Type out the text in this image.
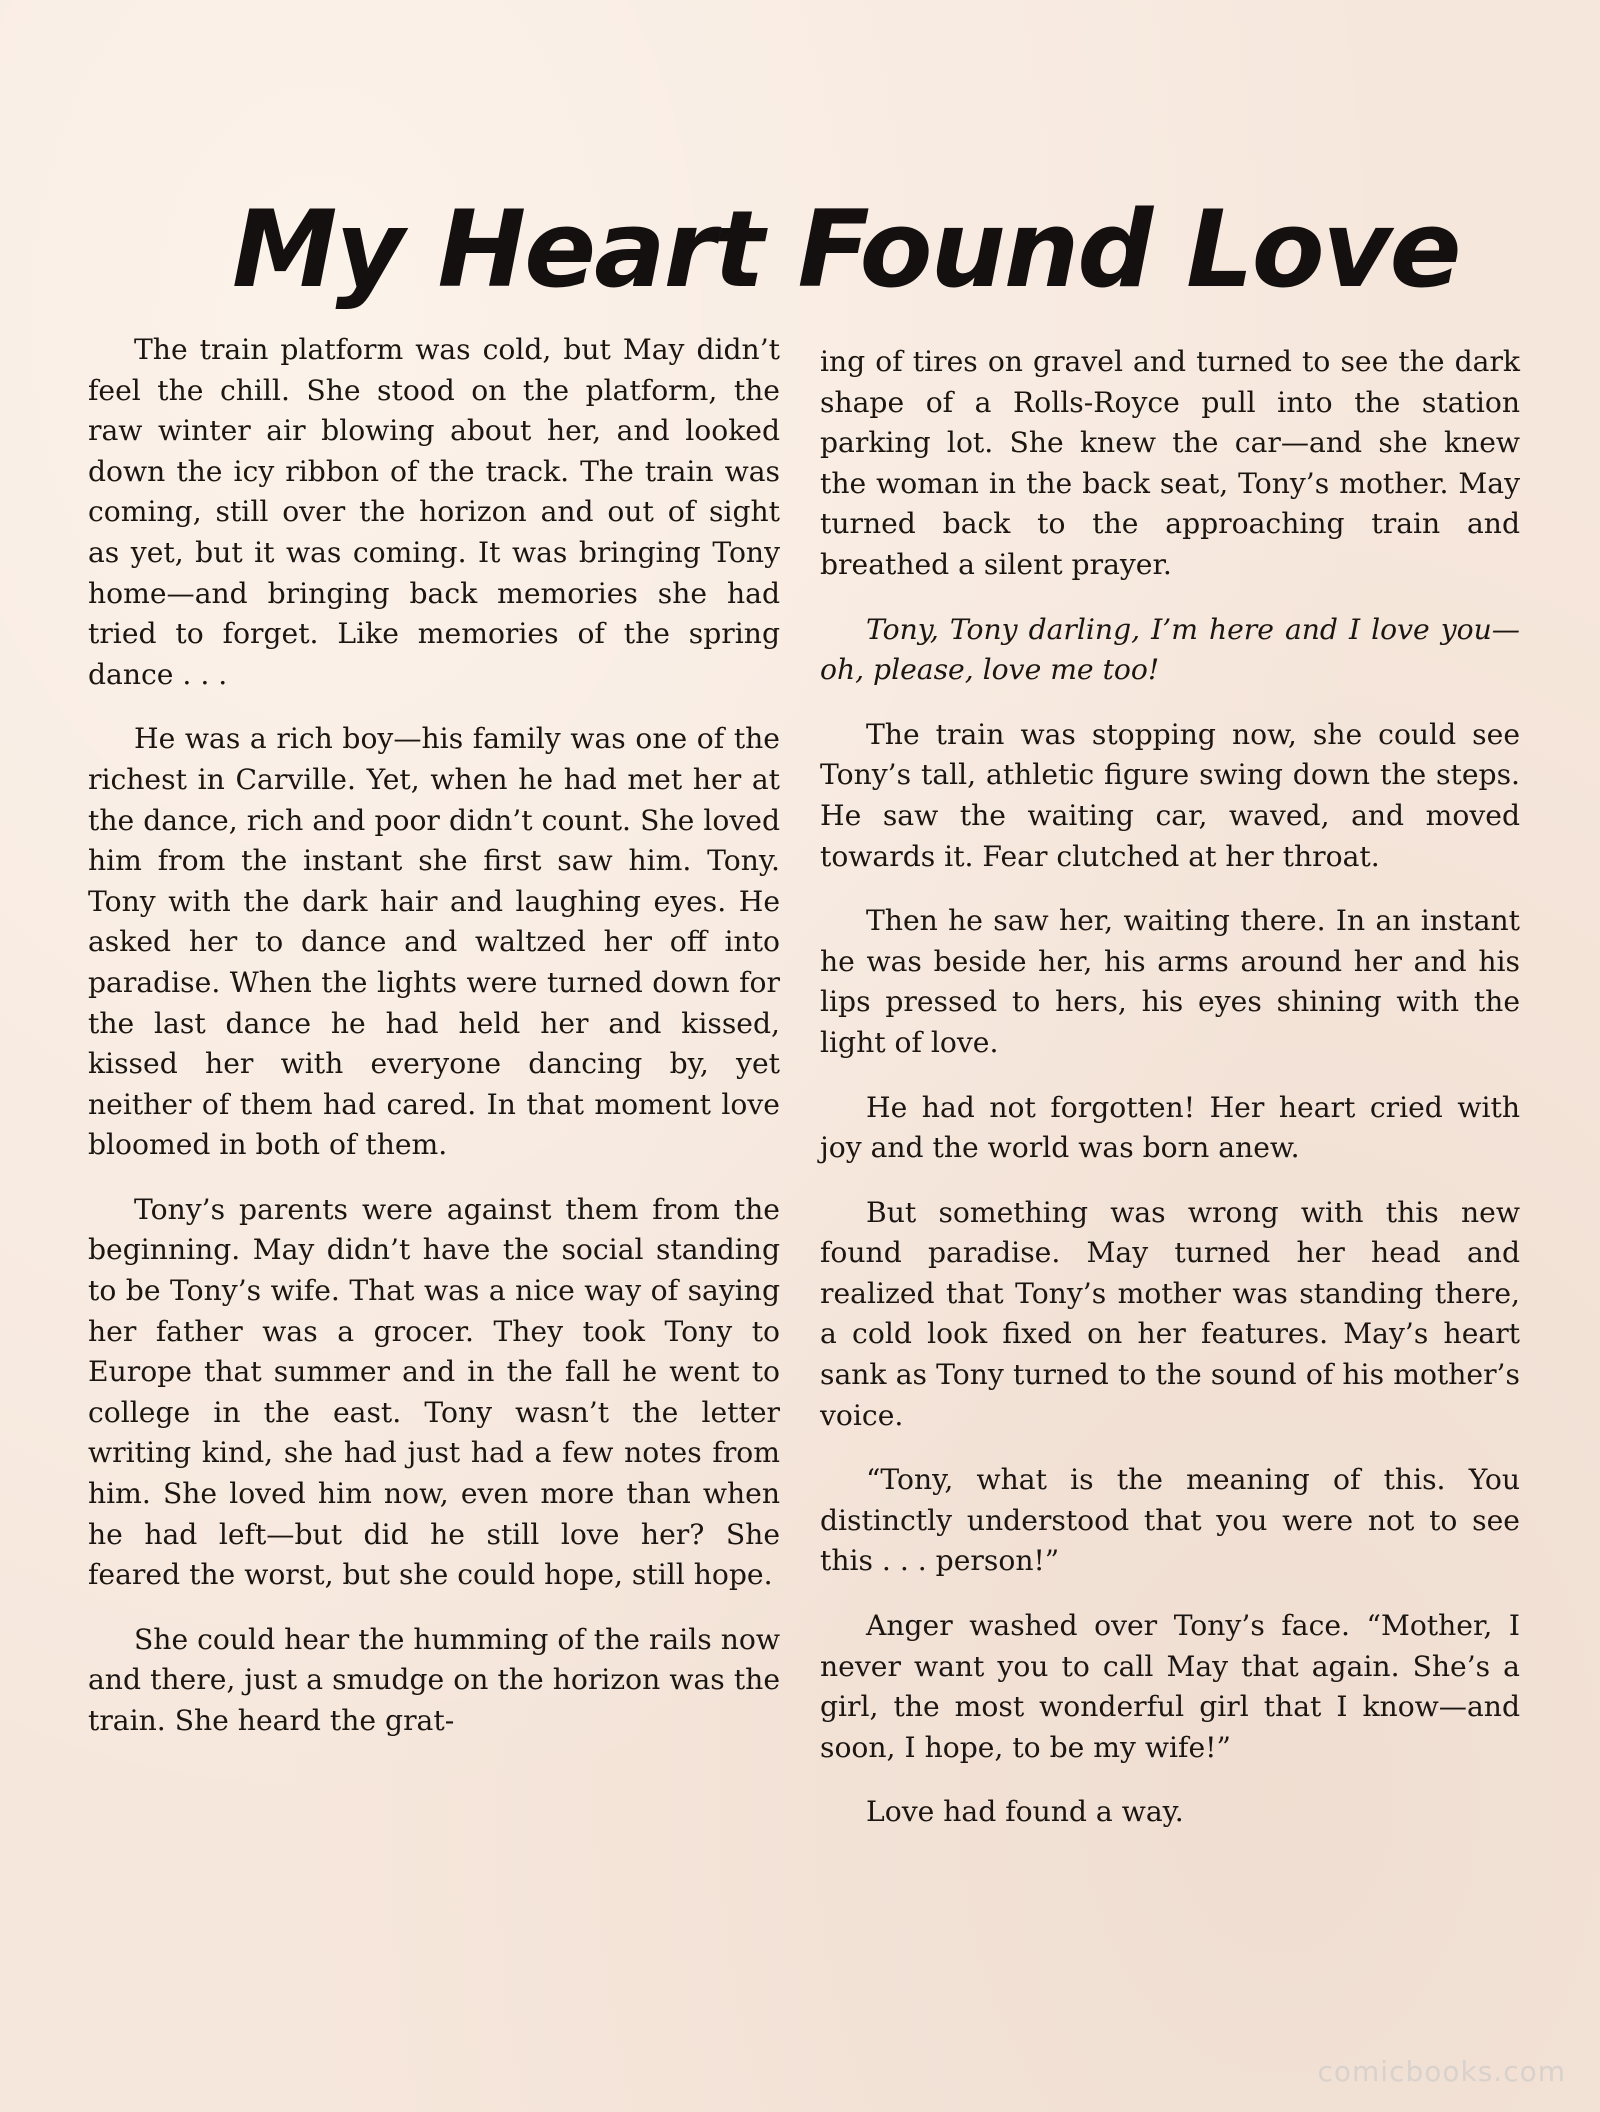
My Heart Found Love

The train platform was cold, but May didn’t feel the chill. She stood on the platform, the raw winter air blowing about her, and looked down the icy ribbon of the track. The train was coming, still over the horizon and out of sight as yet, but it was coming. It was bringing Tony home—and bringing back memories she had tried to forget. Like memories of the spring dance . . .

He was a rich boy—his family was one of the richest in Carville. Yet, when he had met her at the dance, rich and poor didn’t count. She loved him from the instant she first saw him. Tony. Tony with the dark hair and laughing eyes. He asked her to dance and waltzed her off into paradise. When the lights were turned down for the last dance he had held her and kissed, kissed her with everyone dancing by, yet neither of them had cared. In that moment love bloomed in both of them.

Tony’s parents were against them from the beginning. May didn’t have the social standing to be Tony’s wife. That was a nice way of saying her father was a grocer. They took Tony to Europe that summer and in the fall he went to college in the east. Tony wasn’t the letter writing kind, she had just had a few notes from him. She loved him now, even more than when he had left—but did he still love her? She feared the worst, but she could hope, still hope.

She could hear the humming of the rails now and there, just a smudge on the horizon was the train. She heard the grat-

ing of tires on gravel and turned to see the dark shape of a Rolls-Royce pull into the station parking lot. She knew the car—and she knew the woman in the back seat, Tony’s mother. May turned back to the approaching train and breathed a silent prayer.

Tony, Tony darling, I’m here and I love you—oh, please, love me too!

The train was stopping now, she could see Tony’s tall, athletic figure swing down the steps. He saw the waiting car, waved, and moved towards it. Fear clutched at her throat.

Then he saw her, waiting there. In an instant he was beside her, his arms around her and his lips pressed to hers, his eyes shining with the light of love.

He had not forgotten! Her heart cried with joy and the world was born anew.

But something was wrong with this new found paradise. May turned her head and realized that Tony’s mother was standing there, a cold look fixed on her features. May’s heart sank as Tony turned to the sound of his mother’s voice.

“Tony, what is the meaning of this. You distinctly understood that you were not to see this . . . person!”

Anger washed over Tony’s face. “Mother, I never want you to call May that again. She’s a girl, the most wonderful girl that I know—and soon, I hope, to be my wife!”

Love had found a way.

comicbooks.com
